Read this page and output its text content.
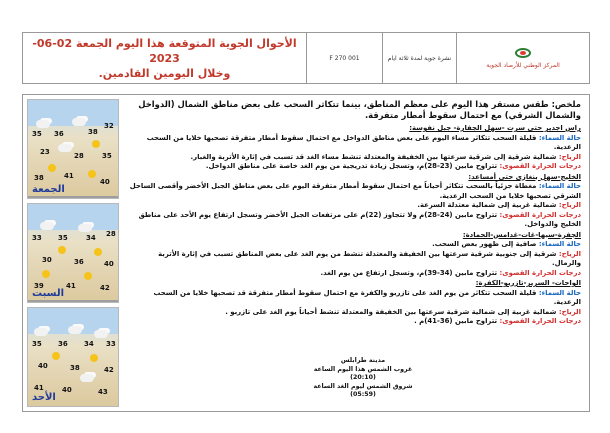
الأحوال الجوية المتوقعة هذا اليوم الجمعة 02-06-2023
وخلال اليومين القادمين.
F 270 001	نشرة جوية لمدة ثلاثة ايام
المركز الوطني للأرصاد الجوية
35 36	38
32
23	28	35
38	41
40
الجمعة
33 35	34 28
30	36	40
39	41	42
السبت
35 36 34 33
40	38	42
41	40	43
الأحد
ملخص: طقس مستقر هذا اليوم على معظم المناطق، بينما تتكاثر السحب على بعض مناطق الشمال (الدواخل والشمال الشرقي) مع احتمال سقوط أمطار متفرقة.
راس اجدير حتى سرت -سهل الجفارة- جبل نفوسة:
حالة السماء: قليلة السحب تتكاثر مساء اليوم على بعض مناطق الدواخل مع احتمال سقوط أمطار متفرقة تصحبها خلايا من السحب الرعدية.
الرياح: شمالية شرقية إلى شرقية سرعتها بين الخفيفة والمعتدلة تنشط مساء الغد قد تسبب في إثارة الأتربة والغبار.
درجات الحرارة القصوى: تتراوح مابين (23-28)م، وتسجل زيادة تدريجية من يوم الغد خاصة على مناطق الدواخل.
الخليج-سهل بنغازي حتى أمساعد:
حالة السماء: مغطاة جزئياً بالسحب تتكاثر أحياناً مع احتمال سقوط أمطار متفرقة اليوم على بعض مناطق الجبل الأخضر وأقصى الساحل الشرقي تصحبها خلايا من السحب الرعدية.
الرياح: شمالية غربية إلى شمالية معتدلة السرعة.
درجات الحرارة القصوى: تتراوح مابين (24-28)م ولا تتجاوز (22)م على مرتفعات الجبل الأخضر وتسجل ارتفاع يوم الأحد على مناطق الخليج والدواخل.
الجفرة-سبها-غات-غدامس-الحمادة:
حالة السماء: صافية إلى ظهور بعض السحب.
الرياح: شرقية إلى جنوبية شرقية سرعتها بين الخفيفة والمعتدلة تنشط من يوم الغد على بعض المناطق تسبب في إثارة الأتربة والرمال.
درجات الحرارة القصوى: تتراوح مابين (34-39)م، وتسجل ارتفاع من يوم الغد.
الواحات- السرير-تازربو-الكفرة:
حالة السماء: قليلة السحب تتكاثر من يوم الغد على تازربو والكفرة مع احتمال سقوط أمطار متفرقة قد تصحبها خلايا من السحب الرعدية.
الرياح: شمالية غربية إلى شمالية شرقية سرعتها بين الخفيفة والمعتدلة تنشط أحياناً يوم الغد على تازربو .
درجات الحرارة القصوى: تتراوح مابين (36-41)م .
مدينة طرابلس
غروب الشمس هذا اليوم الساعة (20:10)
شروق الشمس ليوم الغد الساعة (05:59)
